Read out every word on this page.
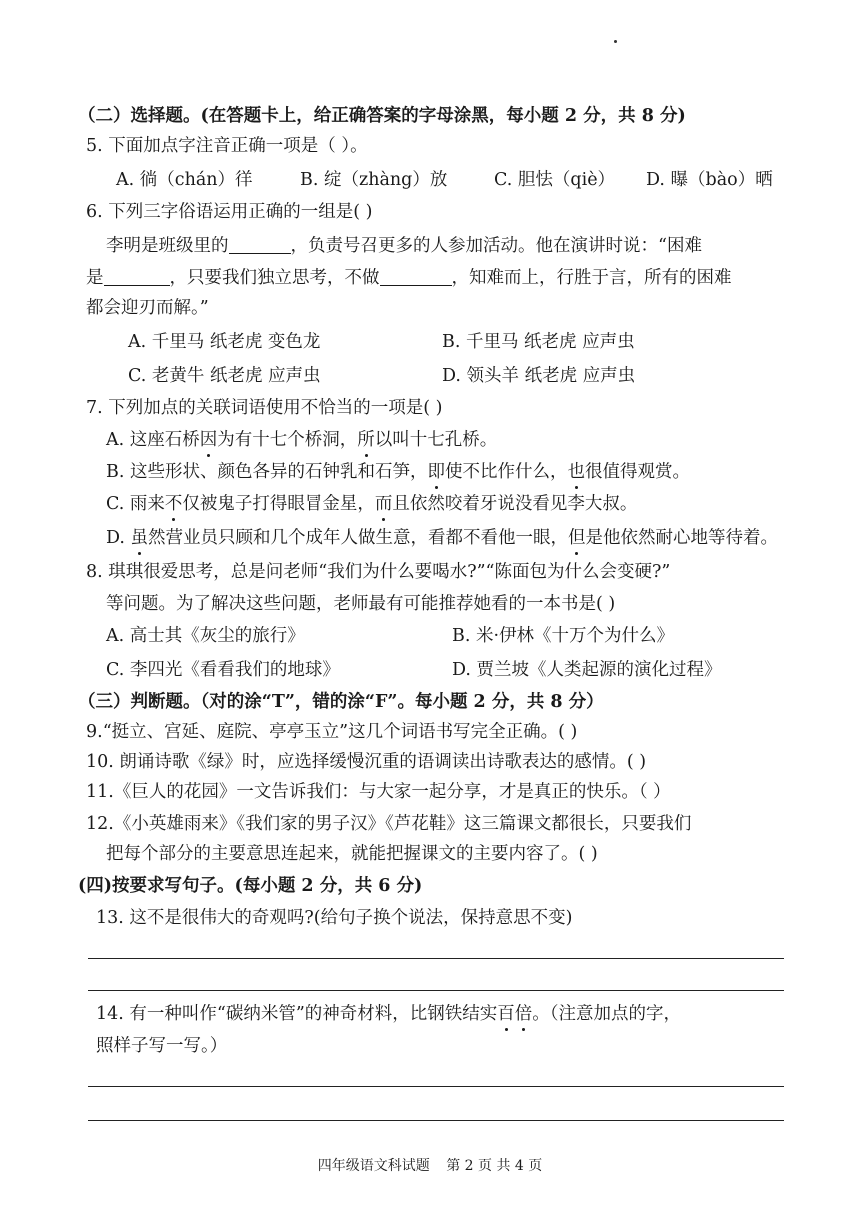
（二）选择题。(在答题卡上，给正确答案的字母涂黑，每小题 2 分，共 8 分)
5. 下面加点字注音正确一项是（ ）。
A. 徜（chán）徉	B. 绽（zhàng）放	C. 胆怯（qiè） D. 曝（bào）晒
6. 下列三字俗语运用正确的一组是( )
李明是班级里的	，负责号召更多的人参加活动。他在演讲时说：“困难
是	，只要我们独立思考，不做	，知难而上，行胜于言，所有的困难
都会迎刃而解。”
A. 千里马 纸老虎 变色龙	B. 千里马 纸老虎 应声虫
C. 老黄牛 纸老虎 应声虫	D. 领头羊 纸老虎 应声虫
7. 下列加点的关联词语使用不恰当的一项是( )
A. 这座石桥因为有十七个桥洞，所以叫十七孔桥。
B. 这些形状、颜色各异的石钟乳和石笋，即使不比作什么，也很值得观赏。
C. 雨来不仅被鬼子打得眼冒金星，而且依然咬着牙说没看见李大叔。
D. 虽然营业员只顾和几个成年人做生意，看都不看他一眼，但是他依然耐心地等待着。
8. 琪琪很爱思考，总是问老师“我们为什么要喝水?”“陈面包为什么会变硬?”
等问题。为了解决这些问题，老师最有可能推荐她看的一本书是( )
A. 高士其《灰尘的旅行》	B. 米·伊林《十万个为什么》
C. 李四光《看看我们的地球》	D. 贾兰坡《人类起源的演化过程》
（三）判断题。（对的涂“T”，错的涂“F”。每小题 2 分，共 8 分）
9.“挺立、宫延、庭院、亭亭玉立”这几个词语书写完全正确。( )
10. 朗诵诗歌《绿》时，应选择缓慢沉重的语调读出诗歌表达的感情。( )
11.《巨人的花园》一文告诉我们：与大家一起分享，才是真正的快乐。（ ）
12.《小英雄雨来》《我们家的男子汉》《芦花鞋》这三篇课文都很长，只要我们
把每个部分的主要意思连起来，就能把握课文的主要内容了。( )
(四)按要求写句子。(每小题 2 分，共 6 分)
13. 这不是很伟大的奇观吗?(给句子换个说法，保持意思不变)
14. 有一种叫作“碳纳米管”的神奇材料，比钢铁结实百倍。（注意加点的字，
照样子写一写。）
四年级语文科试题 第 2 页 共 4 页
